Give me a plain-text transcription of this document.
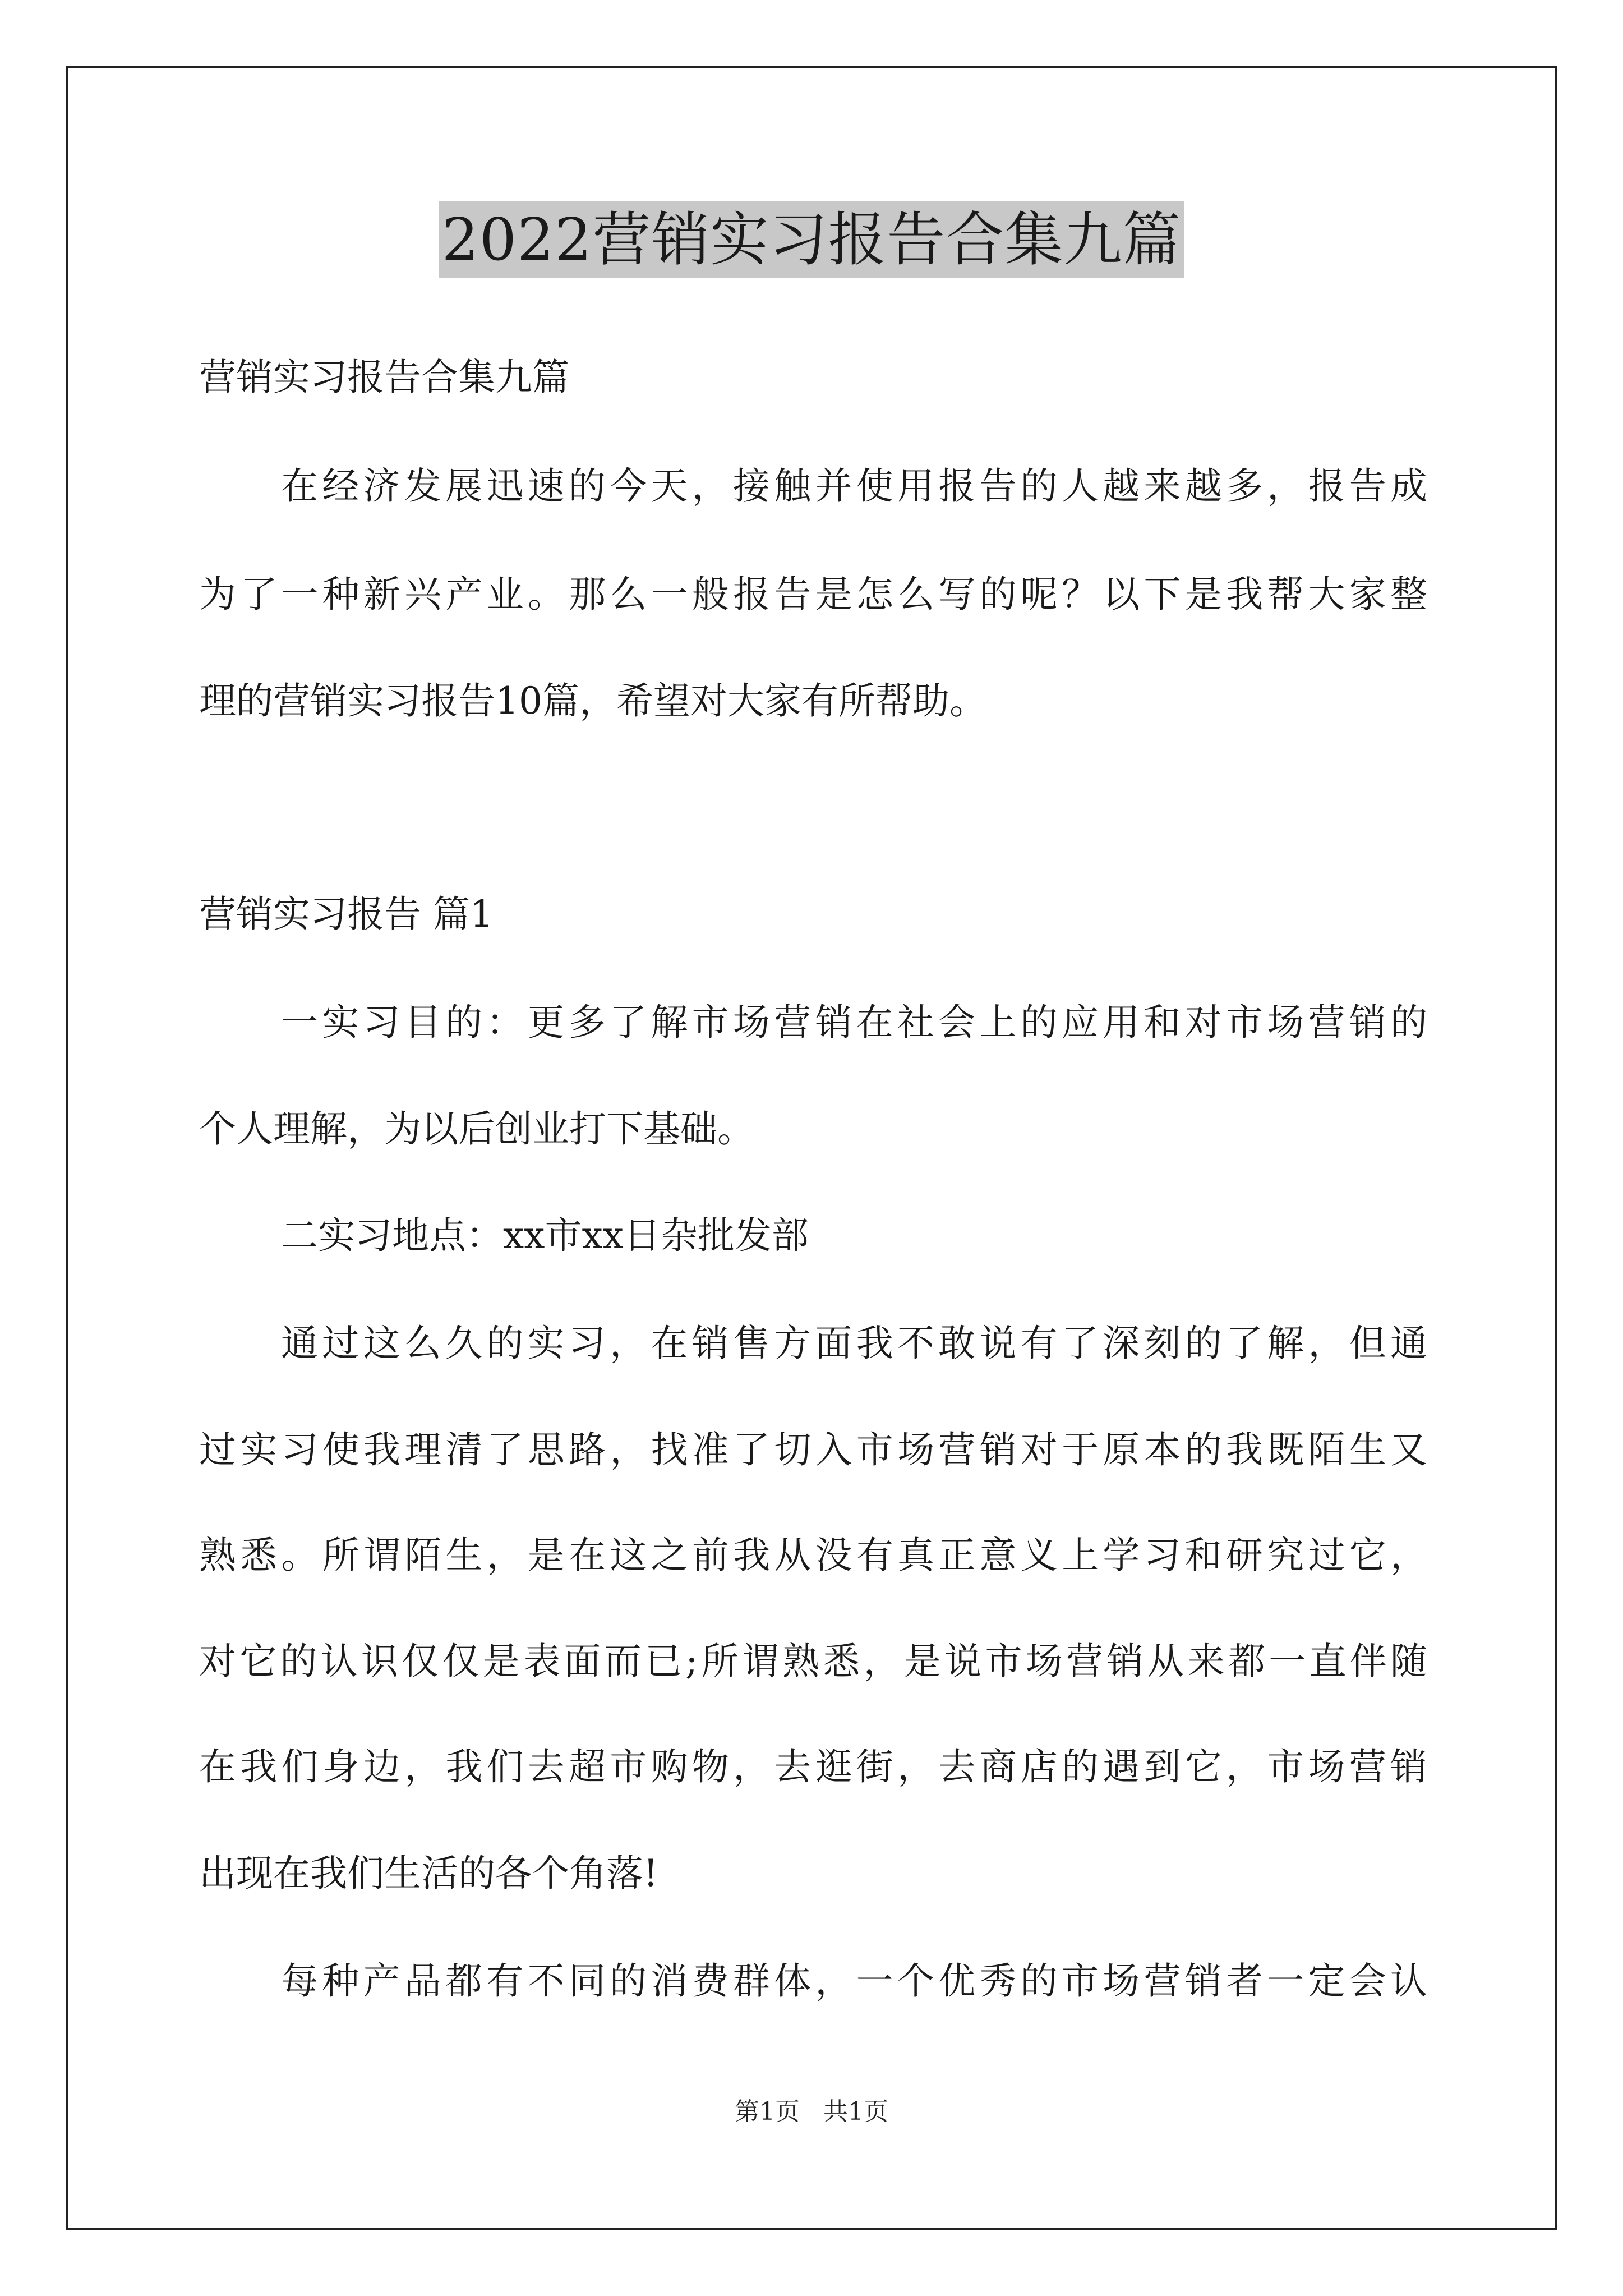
2022营销实习报告合集九篇
营销实习报告合集九篇
在经济发展迅速的今天，接触并使用报告的人越来越多，报告成
为了一种新兴产业。那么一般报告是怎么写的呢？以下是我帮大家整
理的营销实习报告10篇，希望对大家有所帮助。
营销实习报告 篇1
一实习目的：更多了解市场营销在社会上的应用和对市场营销的
个人理解，为以后创业打下基础。
二实习地点：xx市xx日杂批发部
通过这么久的实习，在销售方面我不敢说有了深刻的了解，但通
过实习使我理清了思路，找准了切入市场营销对于原本的我既陌生又
熟悉。所谓陌生，是在这之前我从没有真正意义上学习和研究过它，
对它的认识仅仅是表面而已;所谓熟悉，是说市场营销从来都一直伴随
在我们身边，我们去超市购物，去逛街，去商店的遇到它，市场营销
出现在我们生活的各个角落!
每种产品都有不同的消费群体，一个优秀的市场营销者一定会认
第1页 共1页
